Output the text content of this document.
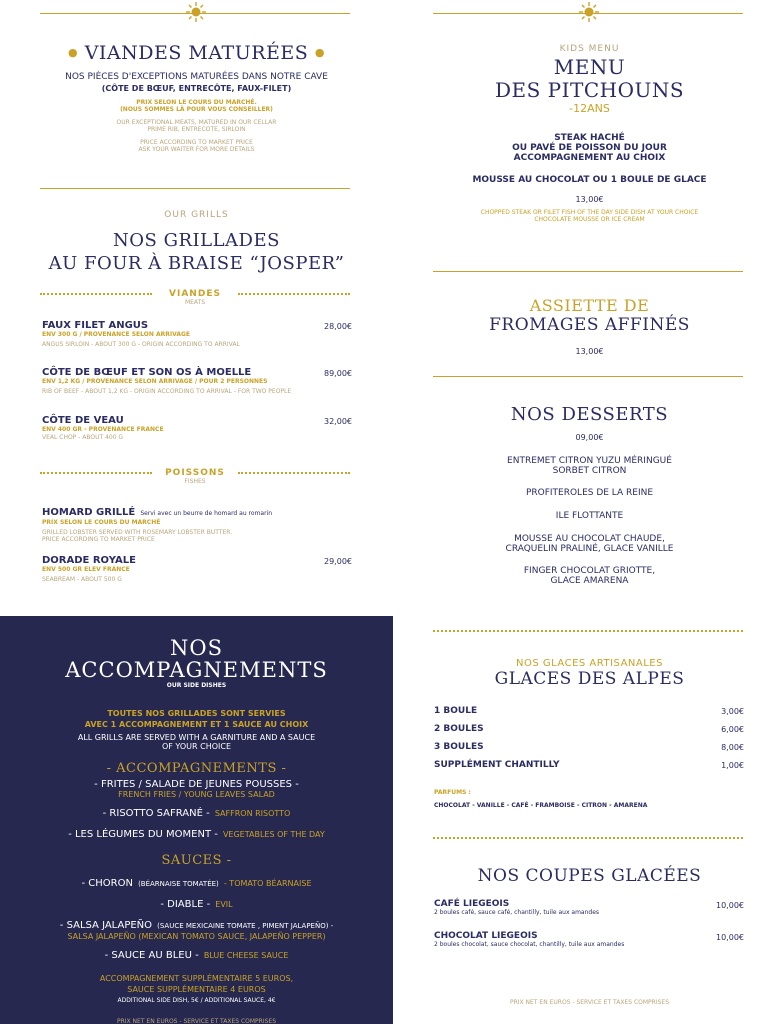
● VIANDES MATURÉES ●
NOS PIÈCES D'EXCEPTIONS MATURÉES DANS NOTRE CAVE
(CÔTE DE BŒUF, ENTRECÔTE, FAUX-FILET)
PRIX SELON LE COURS DU MARCHÉ.
(NOUS SOMMES LÀ POUR VOUS CONSEILLER)
OUR EXCEPTIONAL MEATS, MATURED IN OUR CELLAR
PRIME RIB, ENTRECOTE, SIRLOIN
PRICE ACCORDING TO MARKET PRICE
ASK YOUR WAITER FOR MORE DETAILS
OUR GRILLS
NOS GRILLADES
AU FOUR À BRAISE “JOSPER”
VIANDES
MEATS
FAUX FILET ANGUS
ENV 300 G / PROVENANCE SELON ARRIVAGE
ANGUS SIRLOIN - ABOUT 300 G - ORIGIN ACCORDING TO ARRIVAL
28,00€
CÔTE DE BŒUF ET SON OS À MOELLE
ENV 1,2 KG / PROVENANCE SELON ARRIVAGE / POUR 2 PERSONNES
RIB OF BEEF - ABOUT 1,2 KG - ORIGIN ACCORDING TO ARRIVAL - FOR TWO PEOPLE
89,00€
CÔTE DE VEAU
ENV 400 GR - PROVENANCE FRANCE
VEAL CHOP - ABOUT 400 G
32,00€
POISSONS
FISHES
HOMARD GRILLÉ Servi avec un beurre de homard au romarin
PRIX SELON LE COURS DU MARCHÉ
GRILLED LOBSTER SERVED WITH ROSEMARY LOBSTER BUTTER.
PRICE ACCORDING TO MARKET PRICE
DORADE ROYALE
ENV 500 GR ELEV FRANCE
SEABREAM - ABOUT 500 G
29,00€
NOS
ACCOMPAGNEMENTS
OUR SIDE DISHES
TOUTES NOS GRILLADES SONT SERVIES
AVEC 1 ACCOMPAGNEMENT ET 1 SAUCE AU CHOIX
ALL GRILLS ARE SERVED WITH A GARNITURE AND A SAUCE
OF YOUR CHOICE
- ACCOMPAGNEMENTS -
- FRITES / SALADE DE JEUNES POUSSES -
FRENCH FRIES / YOUNG LEAVES SALAD
- RISOTTO SAFRANÉ - SAFFRON RISOTTO
- LES LÉGUMES DU MOMENT - VEGETABLES OF THE DAY
SAUCES -
- CHORON (BÉARNAISE TOMATÉE) - TOMATO BÉARNAISE
- DIABLE - EVIL
- SALSA JALAPEÑO (SAUCE MEXICAINE TOMATE , PIMENT JALAPEÑO) -
SALSA JALAPEÑO (MEXICAN TOMATO SAUCE, JALAPEÑO PEPPER)
- SAUCE AU BLEU - BLUE CHEESE SAUCE
ACCOMPAGNEMENT SUPPLÉMENTAIRE 5 EUROS,
SAUCE SUPPLÉMENTAIRE 4 EUROS
ADDITIONAL SIDE DISH, 5€ / ADDITIONAL SAUCE, 4€
PRIX NET EN EUROS - SERVICE ET TAXES COMPRISES
KIDS MENU
MENU
DES PITCHOUNS
-12ANS
STEAK HACHÉ
OU PAVÉ DE POISSON DU JOUR
ACCOMPAGNEMENT AU CHOIX
MOUSSE AU CHOCOLAT OU 1 BOULE DE GLACE
13,00€
CHOPPED STEAK OR FILET FISH OF THE DAY SIDE DISH AT YOUR CHOICE
CHOCOLATE MOUSSE OR ICE CREAM
ASSIETTE DE
FROMAGES AFFINÉS
13,00€
NOS DESSERTS
09,00€
ENTREMET CITRON YUZU MÉRINGUÉ
SORBET CITRON
PROFITEROLES DE LA REINE
ILE FLOTTANTE
MOUSSE AU CHOCOLAT CHAUDE,
CRAQUELIN PRALINÉ, GLACE VANILLE
FINGER CHOCOLAT GRIOTTE,
GLACE AMARENA
NOS GLACES ARTISANALES
GLACES DES ALPES
1 BOULE	3,00€
2 BOULES	6,00€
3 BOULES	8,00€
SUPPLÉMENT CHANTILLY	1,00€
PARFUMS :
CHOCOLAT - VANILLE - CAFÉ - FRAMBOISE - CITRON - AMARENA
NOS COUPES GLACÉES
CAFÉ LIEGEOIS
2 boules café, sauce café, chantilly, tuile aux amandes
10,00€
CHOCOLAT LIEGEOIS
2 boules chocolat, sauce chocolat, chantilly, tuile aux amandes
10,00€
PRIX NET EN EUROS - SERVICE ET TAXES COMPRISES
